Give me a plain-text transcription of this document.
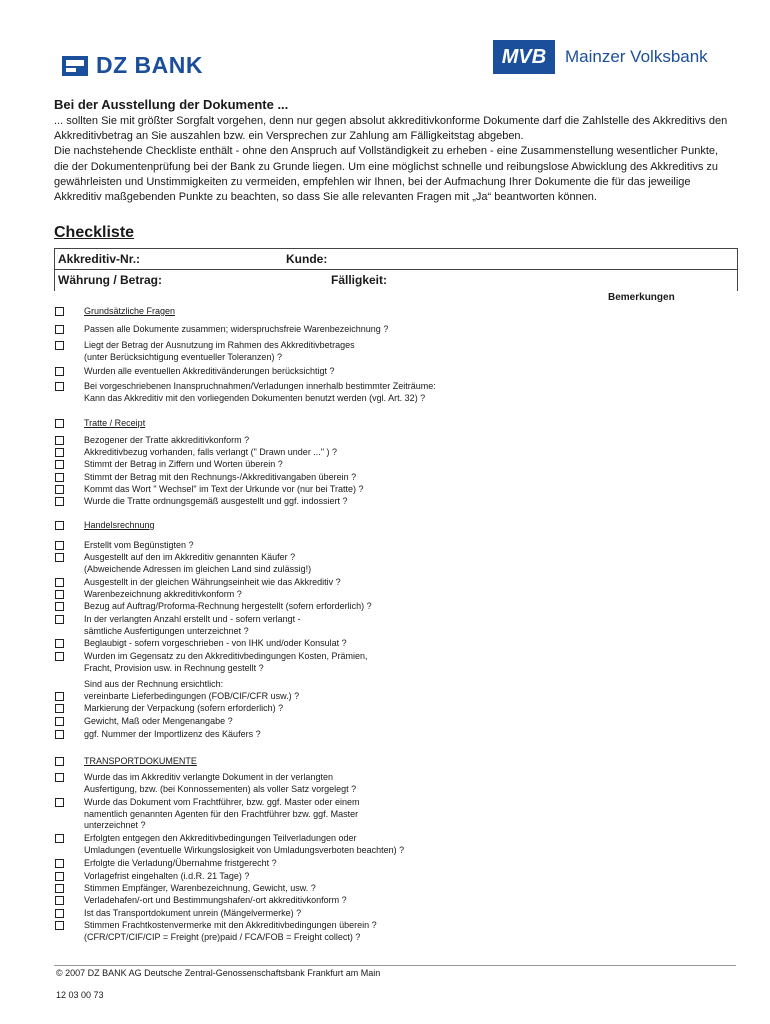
DZ BANK	MVB	Mainzer Volksbank
Bei der Ausstellung der Dokumente ...

... sollten Sie mit größter Sorgfalt vorgehen, denn nur gegen absolut akkreditivkonforme Dokumente darf die Zahlstelle des Akkreditivs den Akkreditivbetrag an Sie auszahlen bzw. ein Versprechen zur Zahlung am Fälligkeitstag abgeben.

Die nachstehende Checkliste enthält - ohne den Anspruch auf Vollständigkeit zu erheben - eine Zusammenstellung wesentlicher Punkte, die der Dokumentenprüfung bei der Bank zu Grunde liegen. Um eine möglichst schnelle und reibungslose Abwicklung des Akkreditivs zu gewährleisten und Unstimmigkeiten zu vermeiden, empfehlen wir Ihnen, bei der Aufmachung Ihrer Dokumente die für das jeweilige Akkreditiv maßgebenden Punkte zu beachten, so dass Sie alle relevanten Fragen mit „Ja“ beantworten können.

Checkliste
Akkreditiv-Nr.:	Kunde:
Währung / Betrag:	Fälligkeit:
Bemerkungen
Grundsätzliche Fragen
Passen alle Dokumente zusammen; widerspruchsfreie Warenbezeichnung ?
Liegt der Betrag der Ausnutzung im Rahmen des Akkreditivbetrages
(unter Berücksichtigung eventueller Toleranzen) ?
Wurden alle eventuellen Akkreditivänderungen berücksichtigt ?
Bei vorgeschriebenen Inanspruchnahmen/Verladungen innerhalb bestimmter Zeiträume:
Kann das Akkreditiv mit den vorliegenden Dokumenten benutzt werden (vgl. Art. 32) ?
Tratte / Receipt
Bezogener der Tratte akkreditivkonform ?
Akkreditivbezug vorhanden, falls verlangt (" Drawn under ..." ) ?
Stimmt der Betrag in Ziffern und Worten überein ?
Stimmt der Betrag mit den Rechnungs-/Akkreditivangaben überein ?
Kommt das Wort " Wechsel" im Text der Urkunde vor (nur bei Tratte) ?
Wurde die Tratte ordnungsgemäß ausgestellt und ggf. indossiert ?
Handelsrechnung
Erstellt vom Begünstigten ?
Ausgestellt auf den im Akkreditiv genannten Käufer ?
(Abweichende Adressen im gleichen Land sind zulässig!)
Ausgestellt in der gleichen Währungseinheit wie das Akkreditiv ?
Warenbezeichnung akkreditivkonform ?
Bezug auf Auftrag/Proforma-Rechnung hergestellt (sofern erforderlich) ?
In der verlangten Anzahl erstellt und - sofern verlangt -
sämtliche Ausfertigungen unterzeichnet ?
Beglaubigt - sofern vorgeschrieben - von IHK und/oder Konsulat ?
Wurden im Gegensatz zu den Akkreditivbedingungen Kosten, Prämien,
Fracht, Provision usw. in Rechnung gestellt ?
Sind aus der Rechnung ersichtlich:
vereinbarte Lieferbedingungen (FOB/CIF/CFR usw.) ?
Markierung der Verpackung (sofern erforderlich) ?
Gewicht, Maß oder Mengenangabe ?
ggf. Nummer der Importlizenz des Käufers ?
TRANSPORTDOKUMENTE
Wurde das im Akkreditiv verlangte Dokument in der verlangten
Ausfertigung, bzw. (bei Konnossementen) als voller Satz vorgelegt ?
Wurde das Dokument vom Frachtführer, bzw. ggf. Master oder einem
namentlich genannten Agenten für den Frachtführer bzw. ggf. Master
unterzeichnet ?
Erfolgten entgegen den Akkreditivbedingungen Teilverladungen oder
Umladungen (eventuelle Wirkungslosigkeit von Umladungsverboten beachten) ?
Erfolgte die Verladung/Übernahme fristgerecht ?
Vorlagefrist eingehalten (i.d.R. 21 Tage) ?
Stimmen Empfänger, Warenbezeichnung, Gewicht, usw. ?
Verladehafen/-ort und Bestimmungshafen/-ort akkreditivkonform ?
Ist das Transportdokument unrein (Mängelvermerke) ?
Stimmen Frachtkostenvermerke mit den Akkreditivbedingungen überein ?
(CFR/CPT/CIF/CIP = Freight (pre)paid / FCA/FOB = Freight collect) ?
© 2007 DZ BANK AG Deutsche Zentral-Genossenschaftsbank Frankfurt am Main
12 03 00 73
